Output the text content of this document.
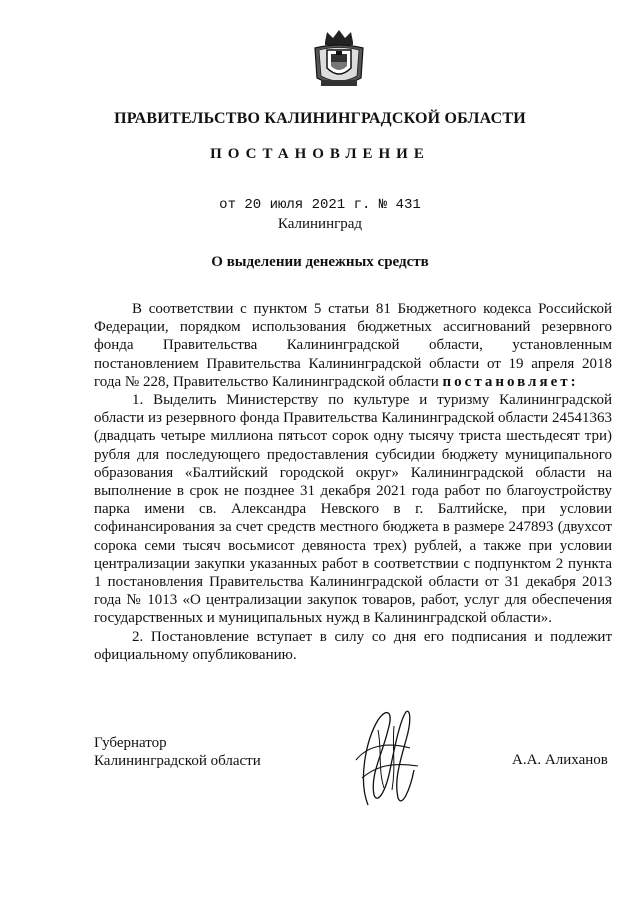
ПРАВИТЕЛЬСТВО КАЛИНИНГРАДСКОЙ ОБЛАСТИ
ПОСТАНОВЛЕНИЕ
от 20 июля 2021 г. № 431
Калининград
О выделении денежных средств

В соответствии с пунктом 5 статьи 81 Бюджетного кодекса Российской Федерации, порядком использования бюджетных ассигнований резервного фонда Правительства Калининградской области, установленным постановлением Правительства Калининградской области от 19 апреля 2018 года № 228, Правительство Калининградской области постановляет:

1. Выделить Министерству по культуре и туризму Калининградской области из резервного фонда Правительства Калининградской области 24541363 (двадцать четыре миллиона пятьсот сорок одну тысячу триста шестьдесят три) рубля для последующего предоставления субсидии бюджету муниципального образования «Балтийский городской округ» Калининградской области на выполнение в срок не позднее 31 декабря 2021 года работ по благоустройству парка имени св. Александра Невского в г. Балтийске, при условии софинансирования за счет средств местного бюджета в размере 247893 (двухсот сорока семи тысяч восьмисот девяноста трех) рублей, а также при условии централизации закупки указанных работ в соответствии с подпунктом 2 пункта 1 постановления Правительства Калининградской области от 31 декабря 2013 года № 1013 «О централизации закупок товаров, работ, услуг для обеспечения государственных и муниципальных нужд в Калининградской области».

2. Постановление вступает в силу со дня его подписания и подлежит официальному опубликованию.

Губернатор
Калининградской области	А.А. Алиханов
